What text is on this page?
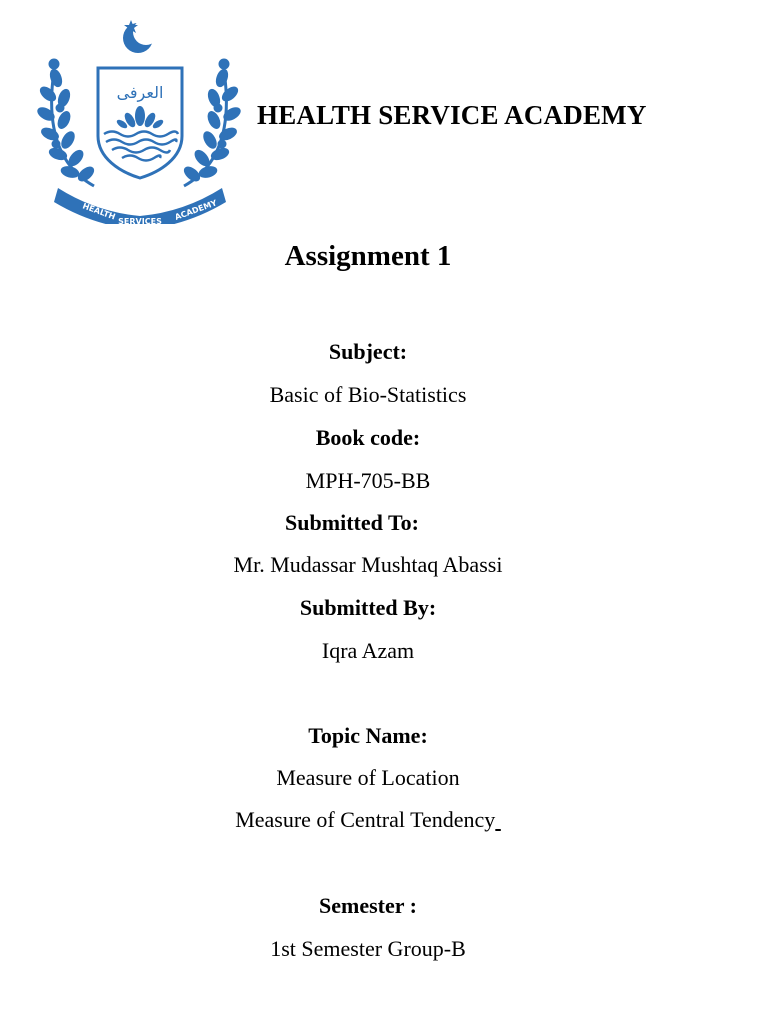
العرفى
HEALTH SERVICES ACADEMY
HEALTH SERVICE ACADEMY
Assignment 1
Subject:
Basic of Bio-Statistics
Book code:
MPH-705-BB
Submitted To:
Mr. Mudassar Mushtaq Abassi
Submitted By:
Iqra Azam
Topic Name:
Measure of Location
Measure of Central Tendency
Semester :
1st Semester Group-B
